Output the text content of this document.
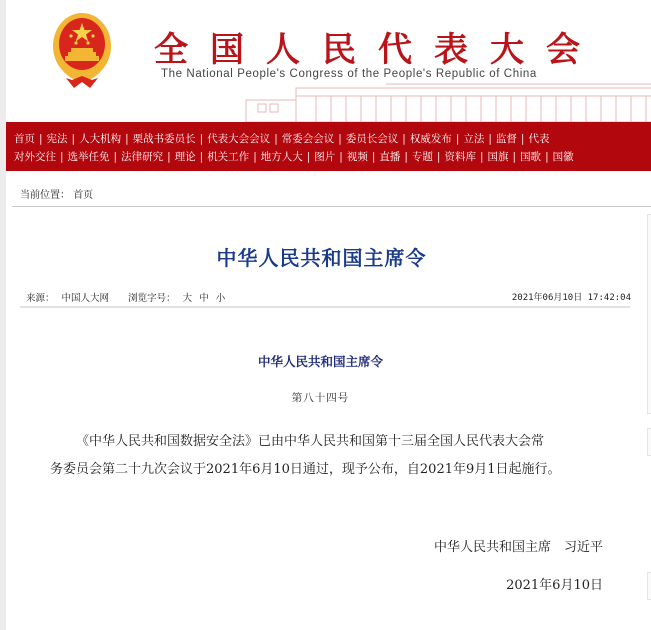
全国人民代表大会
The National People's Congress of the People's Republic of China
首页 | 宪法 | 人大机构 | 栗战书委员长 | 代表大会会议 | 常委会会议 | 委员长会议 | 权威发布 | 立法 | 监督 | 代表
对外交往 | 选举任免 | 法律研究 | 理论 | 机关工作 | 地方人大 | 图片 | 视频 | 直播 | 专题 | 资料库 | 国旗 | 国歌 | 国徽
当前位置： 首页
中华人民共和国主席令
来源： 中国人大网 浏览字号： 大 中 小	2021年06月10日 17:42:04
中华人民共和国主席令
第八十四号

《中华人民共和国数据安全法》已由中华人民共和国第十三届全国人民代表大会常

务委员会第二十九次会议于2021年6月10日通过，现予公布，自2021年9月1日起施行。

中华人民共和国主席　习近平
2021年6月10日
